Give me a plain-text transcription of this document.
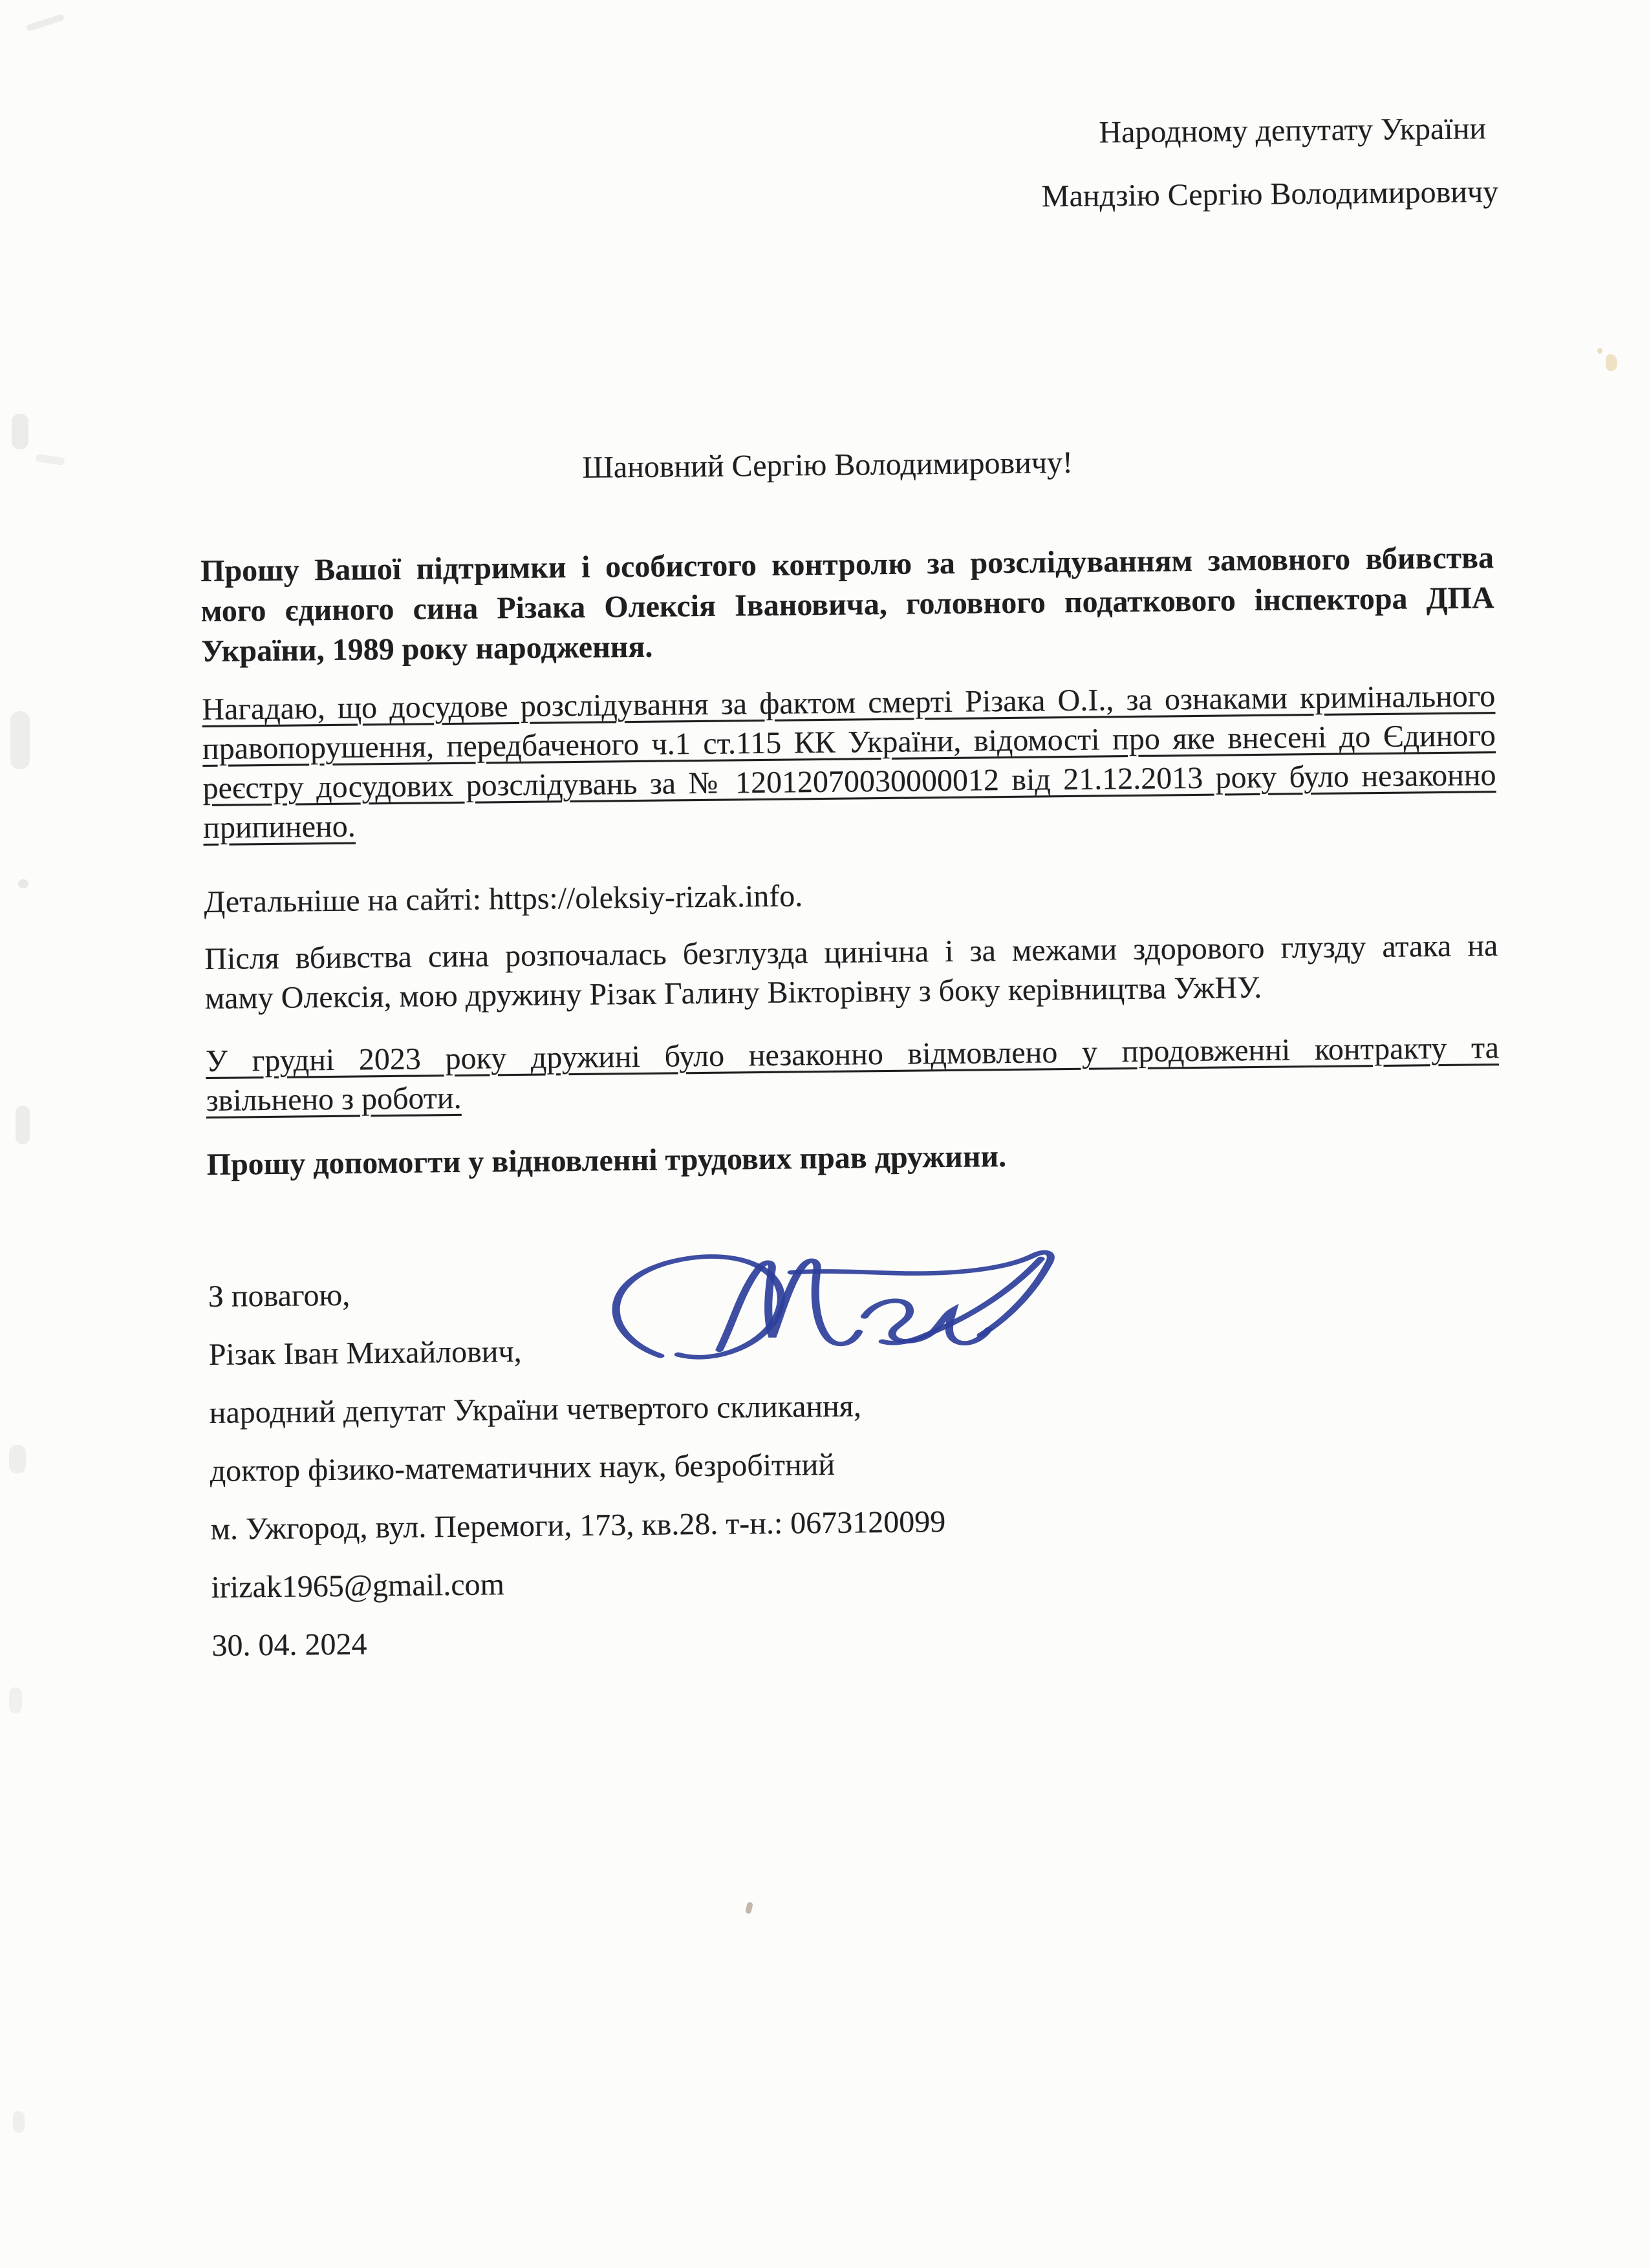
Народному депутату України
Мандзію Сергію Володимировичу
Шановний Сергію Володимировичу!
Прошу Вашої підтримки і особистого контролю за розслідуванням замовного вбивства
мого єдиного сина Різака Олексія Івановича, головного податкового інспектора ДПА
України, 1989 року народження.
Нагадаю, що досудове розслідування за фактом смерті Різака О.І., за ознаками кримінального
правопорушення, передбаченого ч.1 ст.115 КК України, відомості про яке внесені до Єдиного
реєстру досудових розслідувань за № 12012070030000012 від 21.12.2013 року було незаконно
припинено.
Детальніше на сайті: https://oleksiy-rizak.info.
Після вбивства сина розпочалась безглузда цинічна і за межами здорового глузду атака на
маму Олексія, мою дружину Різак Галину Вікторівну з боку керівництва УжНУ.
У грудні 2023 року дружині було незаконно відмовлено у продовженні контракту та
звільнено з роботи.
Прошу допомогти у відновленні трудових прав дружини.
З повагою,
Різак Іван Михайлович,
народний депутат України четвертого скликання,
доктор фізико-математичних наук, безробітний
м. Ужгород, вул. Перемоги, 173, кв.28. т-н.: 0673120099
irizak1965@gmail.com
30. 04. 2024
